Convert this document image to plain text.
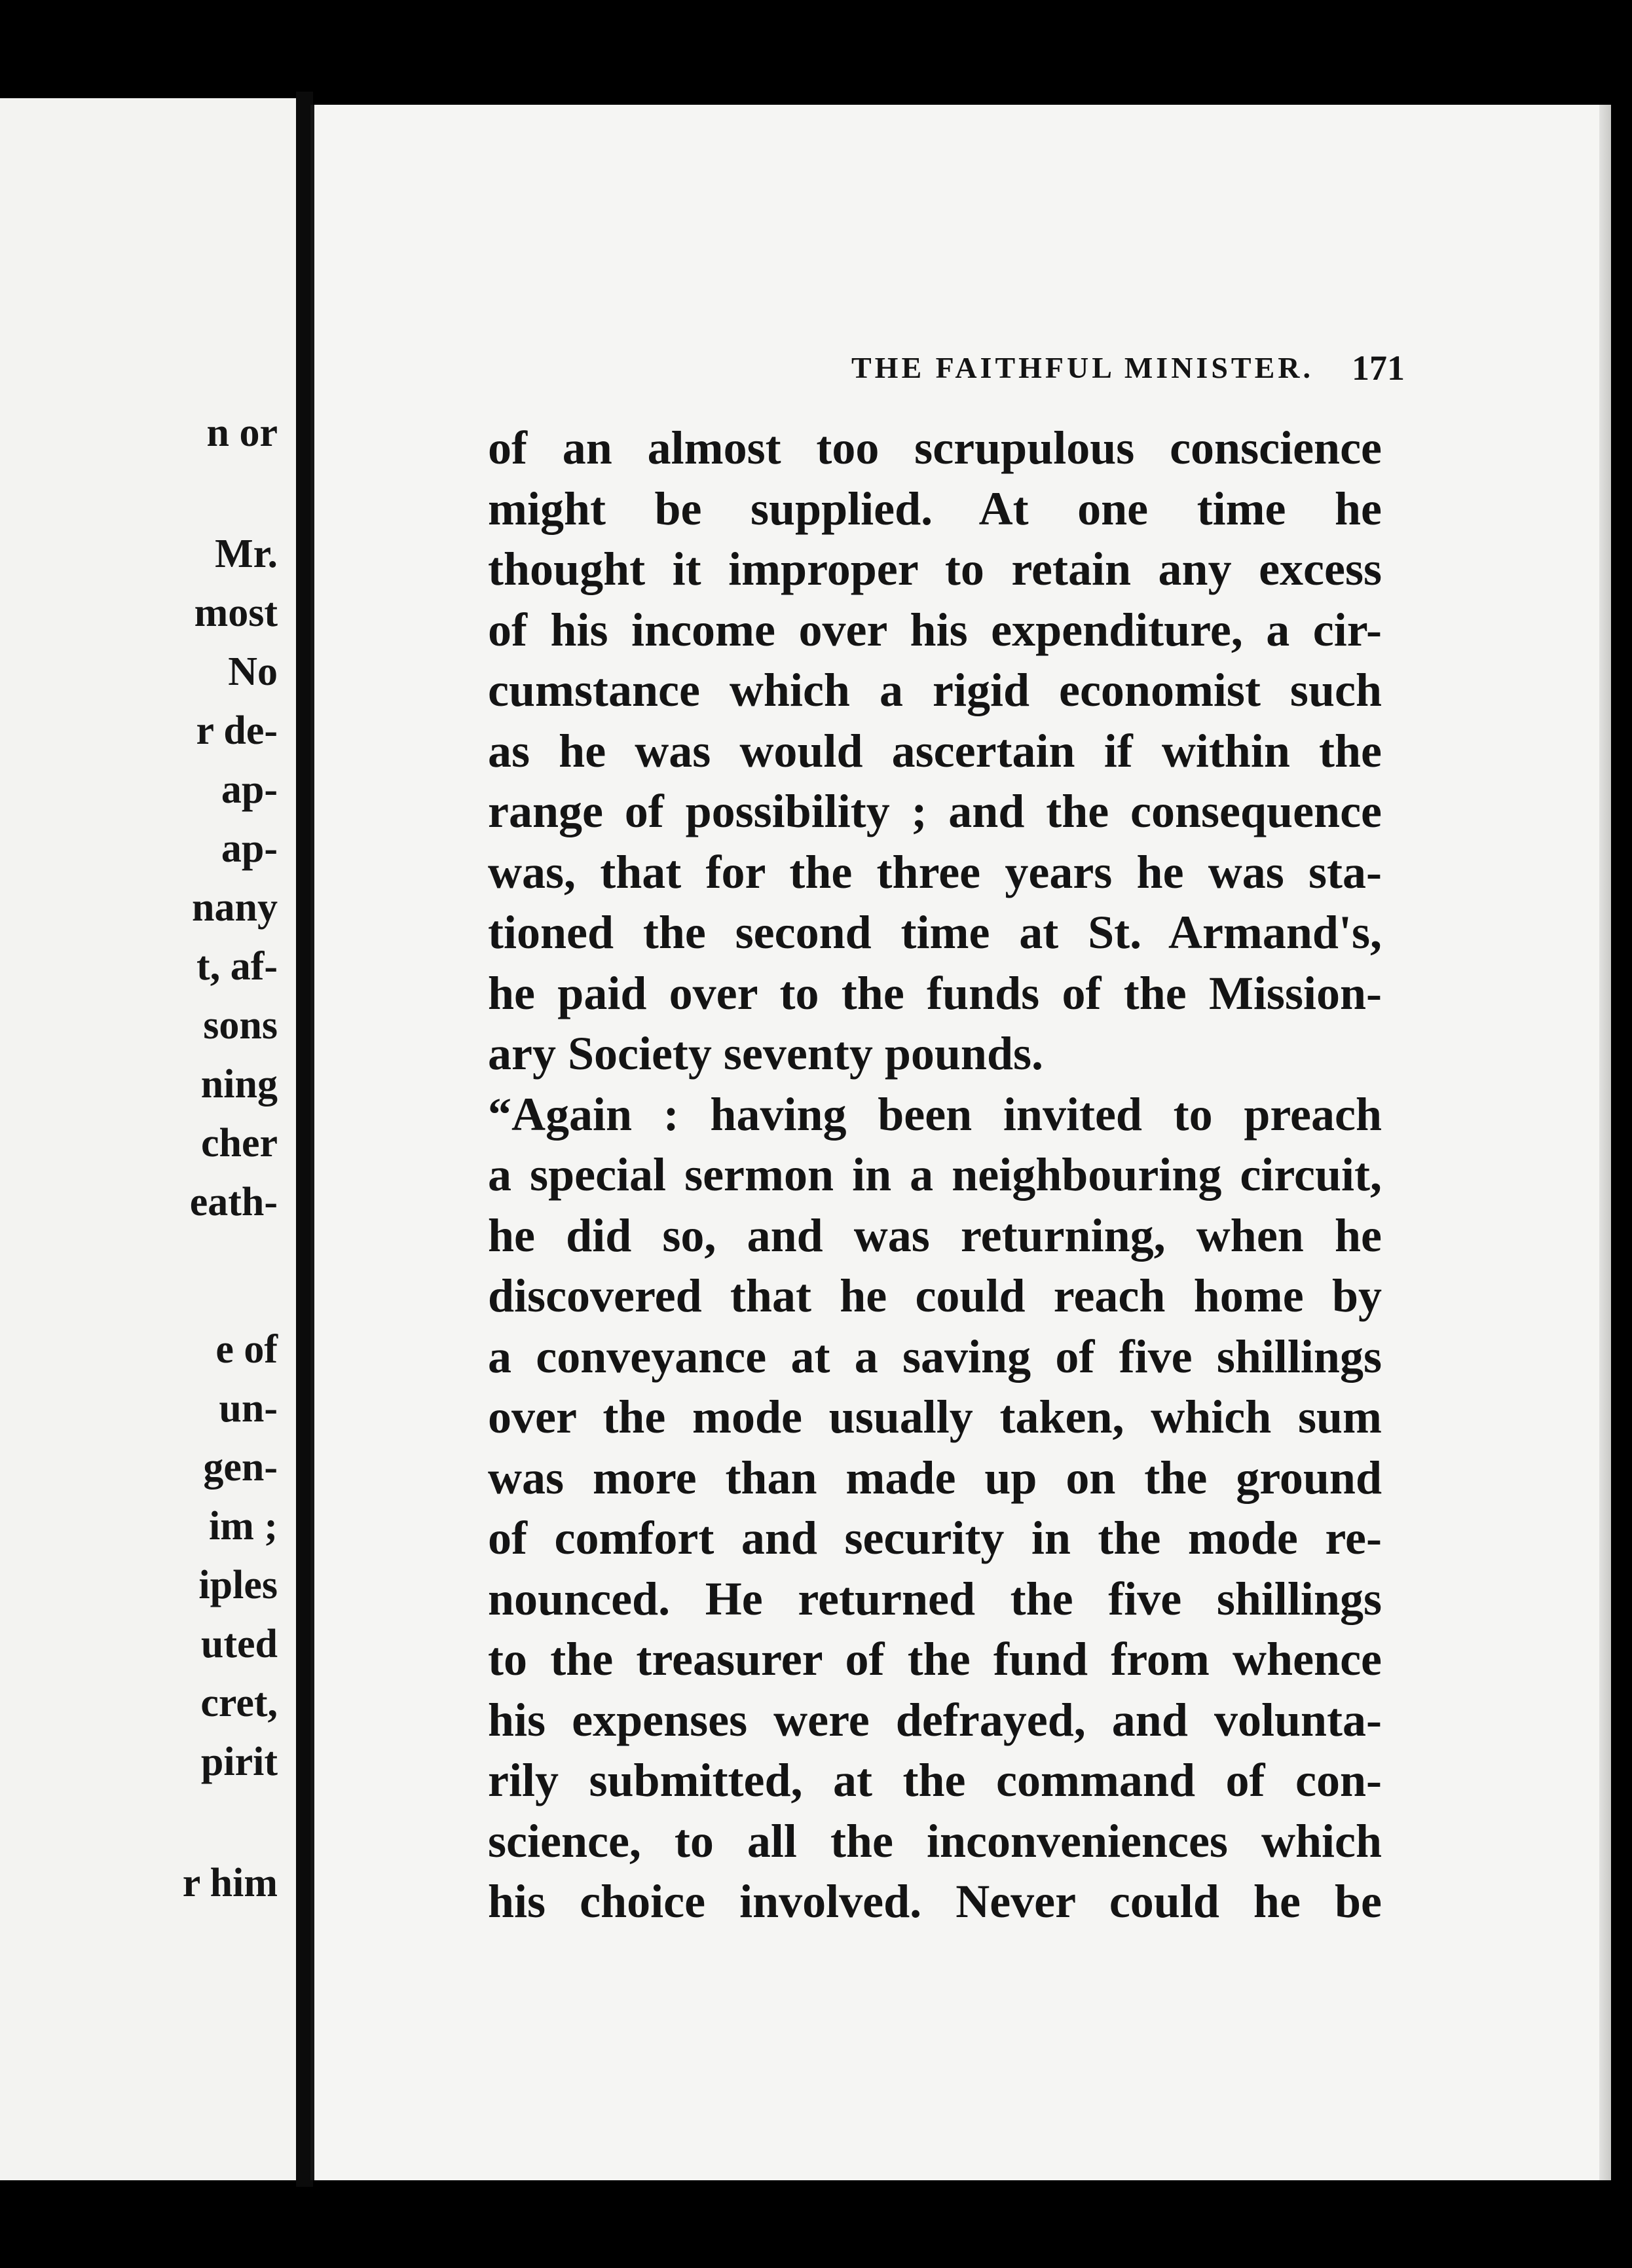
n or
Mr.
most
No
r de-
ap-
ap-
nany
t, af-
sons
ning
cher
eath-
e of
un-
gen-
im ;
iples
uted
cret,
pirit
r him
THE FAITHFUL MINISTER. 171
of an almost too scrupulous conscience
might be supplied. At one time he
thought it improper to retain any excess
of his income over his expenditure, a cir-
cumstance which a rigid economist such
as he was would ascertain if within the
range of possibility ; and the consequence
was, that for the three years he was sta-
tioned the second time at St. Armand's,
he paid over to the funds of the Mission-
ary Society seventy pounds.
“Again : having been invited to preach
a special sermon in a neighbouring circuit,
he did so, and was returning, when he
discovered that he could reach home by
a conveyance at a saving of five shillings
over the mode usually taken, which sum
was more than made up on the ground
of comfort and security in the mode re-
nounced. He returned the five shillings
to the treasurer of the fund from whence
his expenses were defrayed, and volunta-
rily submitted, at the command of con-
science, to all the inconveniences which
his choice involved. Never could he be
